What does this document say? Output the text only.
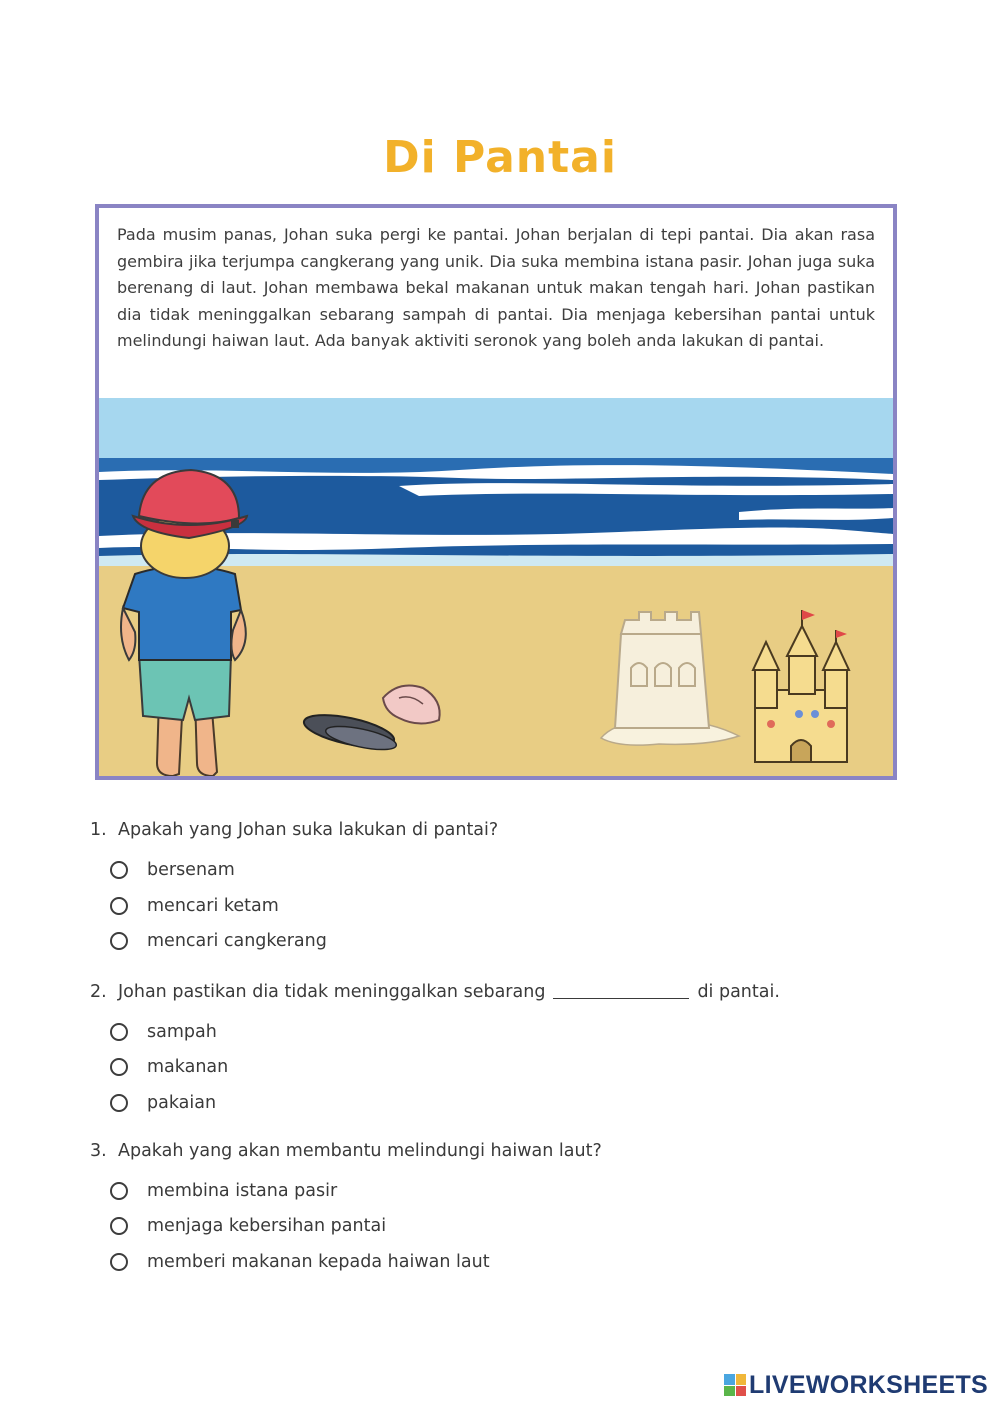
Di Pantai

Pada musim panas, Johan suka pergi ke pantai. Johan berjalan di tepi pantai. Dia akan rasa gembira jika terjumpa cangkerang yang unik. Dia suka membina istana pasir. Johan juga suka berenang di laut. Johan membawa bekal makanan untuk makan tengah hari. Johan pastikan dia tidak meninggalkan sebarang sampah di pantai. Dia menjaga kebersihan pantai untuk melindungi haiwan laut. Ada banyak aktiviti seronok yang boleh anda lakukan di pantai.

1. Apakah yang Johan suka lakukan di pantai?
bersenam
mencari ketam
mencari cangkerang
2. Johan pastikan dia tidak meninggalkan sebarang	di pantai.
sampah
makanan
pakaian
3. Apakah yang akan membantu melindungi haiwan laut?
membina istana pasir
menjaga kebersihan pantai
memberi makanan kepada haiwan laut
LIVEWORKSHEETS
